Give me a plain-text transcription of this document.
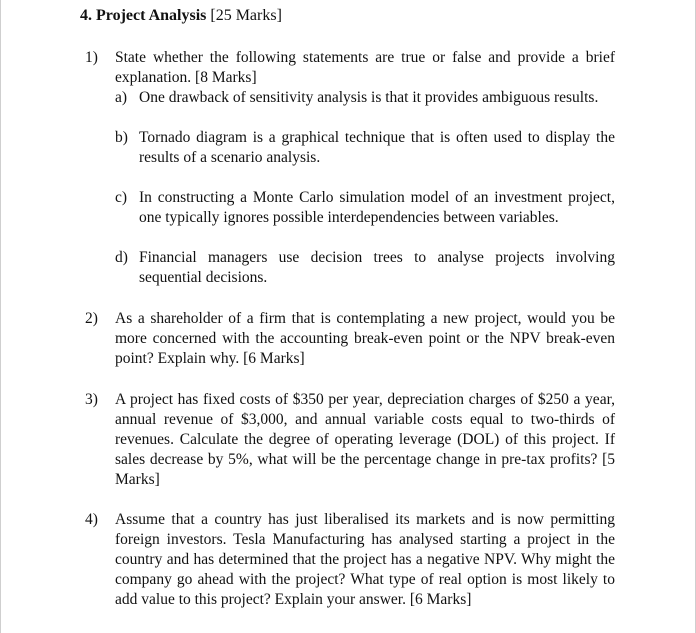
4. Project Analysis [25 Marks]
1)	State whether the following statements are true or false and provide a brief explanation. [8 Marks]
a) One drawback of sensitivity analysis is that it provides ambiguous results.
b) Tornado diagram is a graphical technique that is often used to display the results of a scenario analysis.
c) In constructing a Monte Carlo simulation model of an investment project, one typically ignores possible interdependencies between variables.
d) Financial managers use decision trees to analyse projects involving sequential decisions.
2)	As a shareholder of a firm that is contemplating a new project, would you be more concerned with the accounting break-even point or the NPV break-even point? Explain why. [6 Marks]
3)	A project has fixed costs of $350 per year, depreciation charges of $250 a year, annual revenue of $3,000, and annual variable costs equal to two-thirds of revenues. Calculate the degree of operating leverage (DOL) of this project. If sales decrease by 5%, what will be the percentage change in pre-tax profits? [5 Marks]
4)	Assume that a country has just liberalised its markets and is now permitting foreign investors. Tesla Manufacturing has analysed starting a project in the country and has determined that the project has a negative NPV. Why might the company go ahead with the project? What type of real option is most likely to add value to this project? Explain your answer. [6 Marks]
